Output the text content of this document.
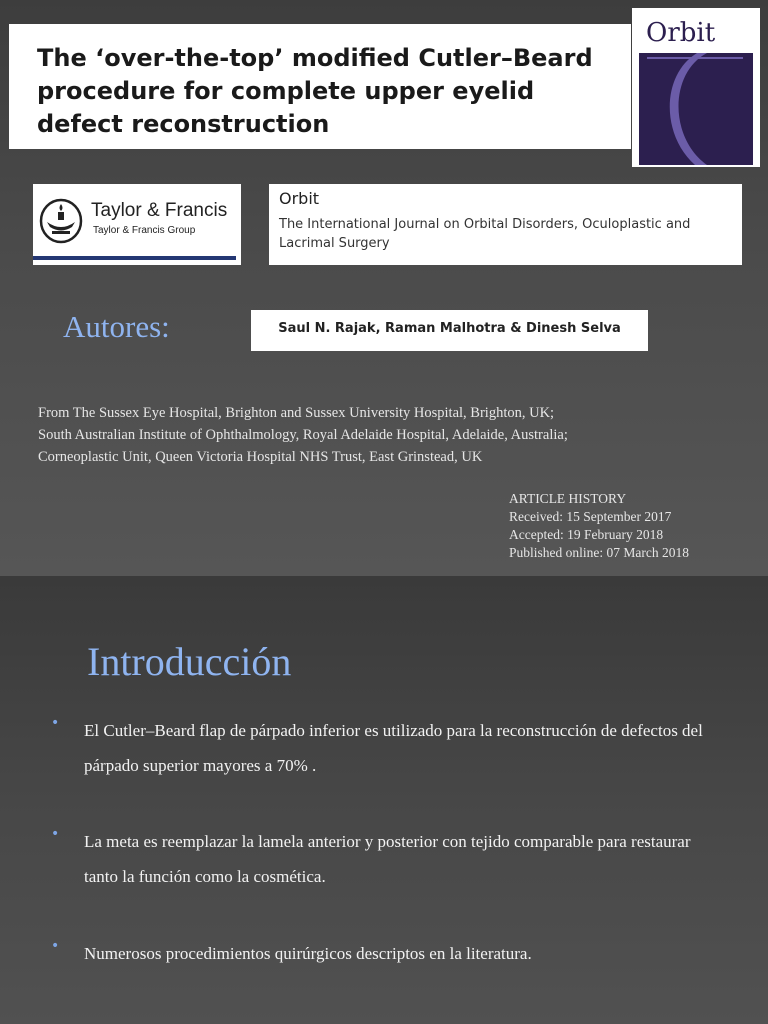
The ‘over-the-top’ modified Cutler–Beard procedure for complete upper eyelid defect reconstruction
Orbit
Taylor & Francis
Taylor & Francis Group
Orbit
The International Journal on Orbital Disorders, Oculoplastic and Lacrimal Surgery
Autores:	Saul N. Rajak, Raman Malhotra & Dinesh Selva
From The Sussex Eye Hospital, Brighton and Sussex University Hospital, Brighton, UK;
South Australian Institute of Ophthalmology, Royal Adelaide Hospital, Adelaide, Australia;
Corneoplastic Unit, Queen Victoria Hospital NHS Trust, East Grinstead, UK
ARTICLE HISTORY
Received: 15 September 2017
Accepted: 19 February 2018
Published online: 07 March 2018
Introducción
• El Cutler–Beard flap de párpado inferior es utilizado para la reconstrucción de defectos del párpado superior mayores a 70% .
• La meta es reemplazar la lamela anterior y posterior con tejido comparable para restaurar tanto la función como la cosmética.
• Numerosos procedimientos quirúrgicos descriptos en la literatura.
